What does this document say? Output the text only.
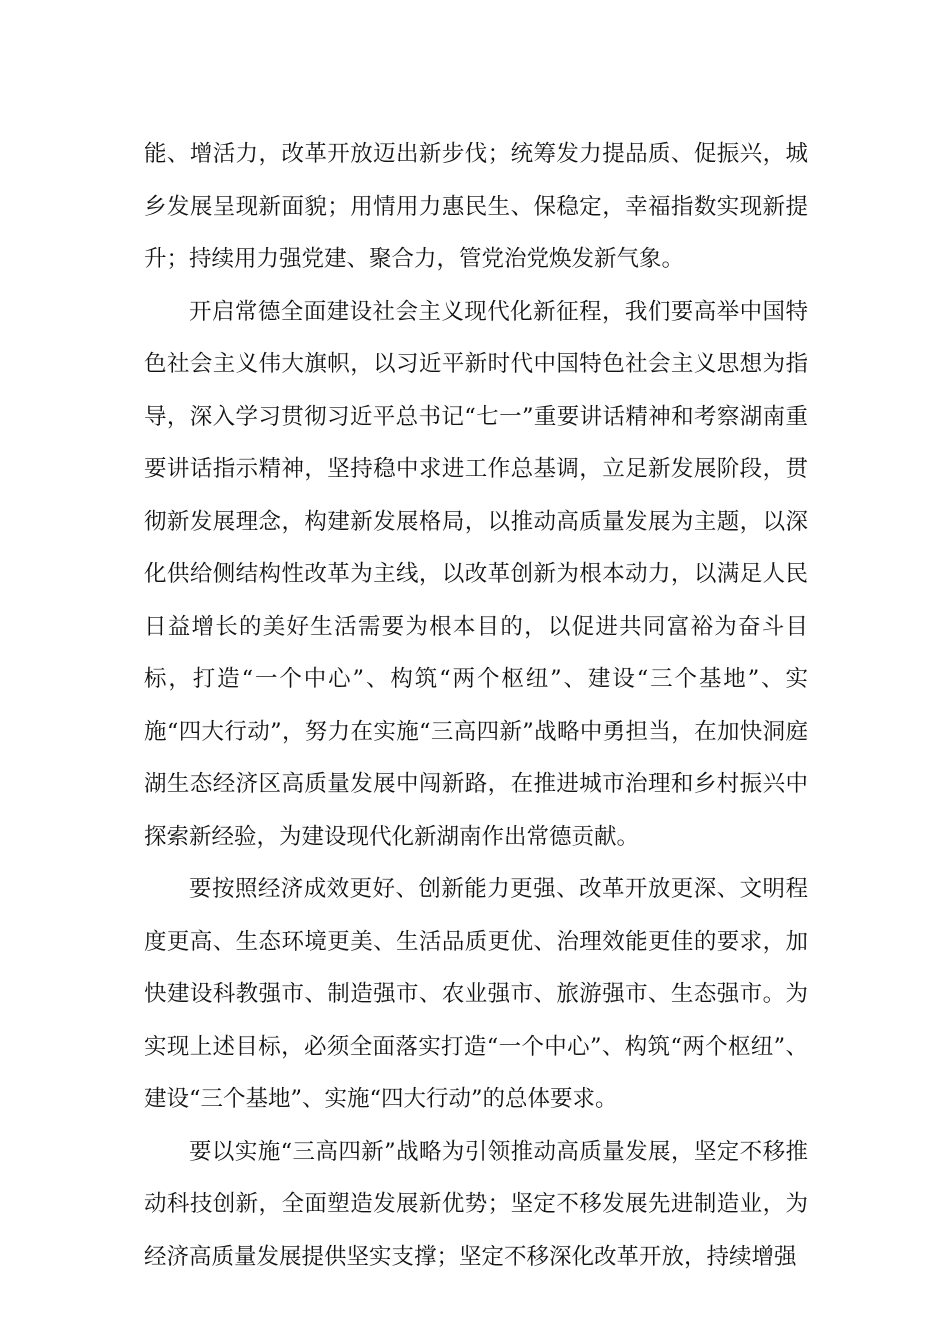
能、增活力，改革开放迈出新步伐；统筹发力提品质、促振兴，城乡发展呈现新面貌；用情用力惠民生、保稳定，幸福指数实现新提升；持续用力强党建、聚合力，管党治党焕发新气象。

开启常德全面建设社会主义现代化新征程，我们要高举中国特色社会主义伟大旗帜，以习近平新时代中国特色社会主义思想为指导，深入学习贯彻习近平总书记“七一”重要讲话精神和考察湖南重要讲话指示精神，坚持稳中求进工作总基调，立足新发展阶段，贯彻新发展理念，构建新发展格局，以推动高质量发展为主题，以深化供给侧结构性改革为主线，以改革创新为根本动力，以满足人民日益增长的美好生活需要为根本目的，以促进共同富裕为奋斗目标，打造“一个中心”、构筑“两个枢纽”、建设“三个基地”、实施“四大行动”，努力在实施“三高四新”战略中勇担当，在加快洞庭湖生态经济区高质量发展中闯新路，在推进城市治理和乡村振兴中探索新经验，为建设现代化新湖南作出常德贡献。

要按照经济成效更好、创新能力更强、改革开放更深、文明程度更高、生态环境更美、生活品质更优、治理效能更佳的要求，加快建设科教强市、制造强市、农业强市、旅游强市、生态强市。为实现上述目标，必须全面落实打造“一个中心”、构筑“两个枢纽”、建设“三个基地”、实施“四大行动”的总体要求。

要以实施“三高四新”战略为引领推动高质量发展，坚定不移推动科技创新，全面塑造发展新优势；坚定不移发展先进制造业，为经济高质量发展提供坚实支撑；坚定不移深化改革开放，持续增强
